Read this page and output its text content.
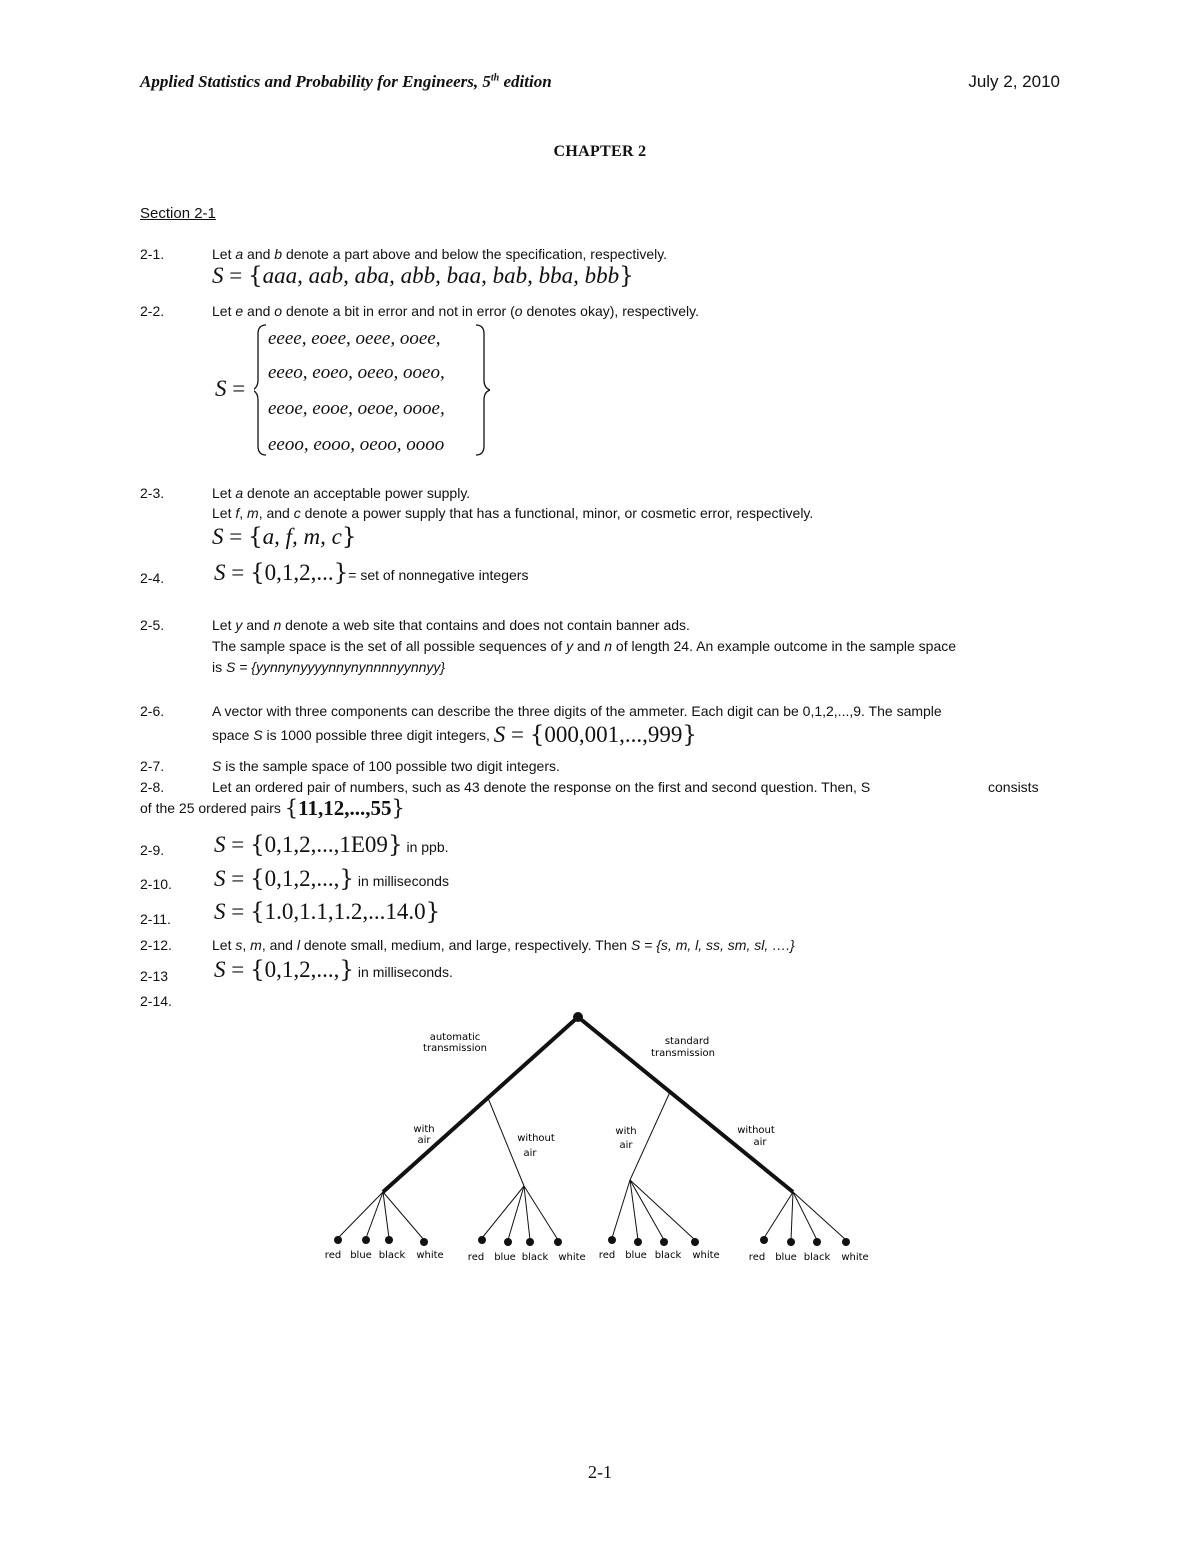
Applied Statistics and Probability for Engineers, 5th edition	July 2, 2010
CHAPTER 2
Section 2-1
2-1.	Let a and b denote a part above and below the specification, respectively.
S = {aaa, aab, aba, abb, baa, bab, bba, bbb}
2-2.	Let e and o denote a bit in error and not in error (o denotes okay), respectively.
S =
eeee, eoee, oeee, ooee,
eeeo, eoeo, oeeo, ooeo,
eeoe, eooe, oeoe, oooe,
eeoo, eooo, oeoo, oooo
2-3.	Let a denote an acceptable power supply.
Let f, m, and c denote a power supply that has a functional, minor, or cosmetic error, respectively.
S = {a, f, m, c}
2-4. S = {0,1,2,...}= set of nonnegative integers
2-5.	Let y and n denote a web site that contains and does not contain banner ads.
The sample space is the set of all possible sequences of y and n of length 24. An example outcome in the sample space
is S = {yynnynyyyynnynynnnnyynnyy}
2-6.	A vector with three components can describe the three digits of the ammeter. Each digit can be 0,1,2,...,9. The sample
space S is 1000 possible three digit integers, S = {000,001,...,999}
2-7.	S is the sample space of 100 possible two digit integers.
2-8.	Let an ordered pair of numbers, such as 43 denote the response on the first and second question. Then, S	consists
of the 25 ordered pairs {11,12,...,55}
2-9. S = {0,1,2,...,1E09} in ppb.
2-10. S = {0,1,2,...,} in milliseconds
2-11. S = {1.0,1.1,1.2,...14.0}
2-12.	Let s, m, and l denote small, medium, and large, respectively. Then S = {s, m, l, ss, sm, sl, ….}
2-13 S = {0,1,2,...,} in milliseconds.
2-14.
automatic
transmission
standard
transmission
with
air	without
air
with
air
without
air
red blue black white red blue black white red blue black white	red blue black white
2-1
